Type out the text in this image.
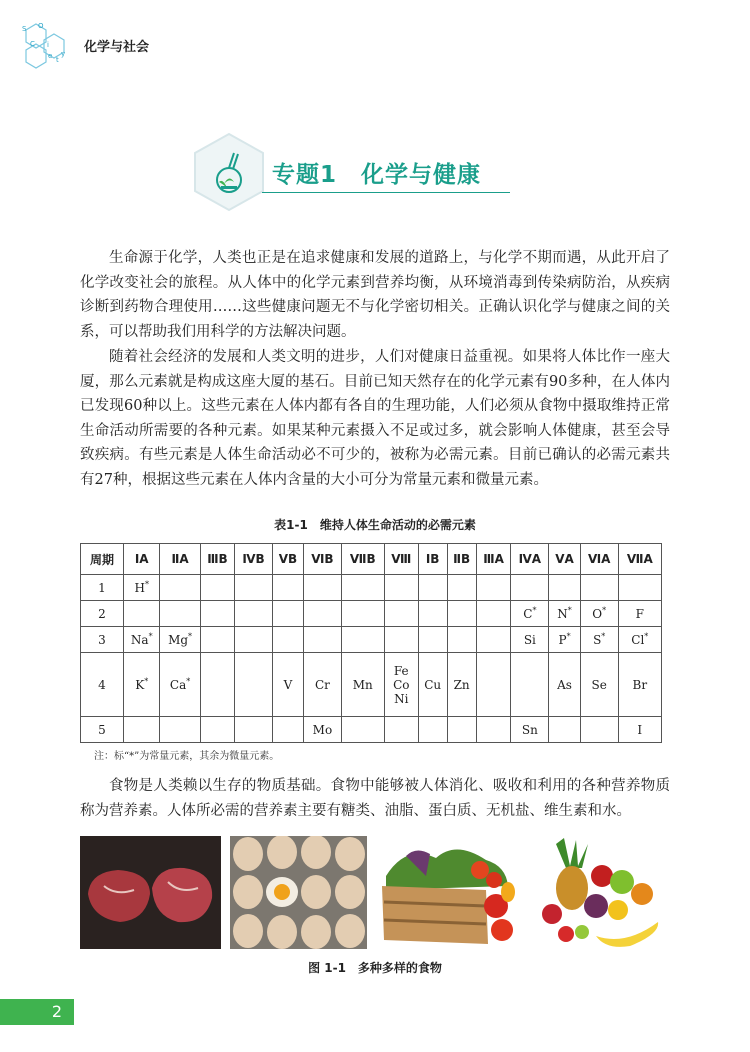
S O
C i
e t
y 化学与社会
专题1　化学与健康

生命源于化学，人类也正是在追求健康和发展的道路上，与化学不期而遇，从此开启了化学改变社会的旅程。从人体中的化学元素到营养均衡，从环境消毒到传染病防治，从疾病诊断到药物合理使用……这些健康问题无不与化学密切相关。正确认识化学与健康之间的关系，可以帮助我们用科学的方法解决问题。

随着社会经济的发展和人类文明的进步，人们对健康日益重视。如果将人体比作一座大厦，那么元素就是构成这座大厦的基石。目前已知天然存在的化学元素有90多种，在人体内已发现60种以上。这些元素在人体内都有各自的生理功能，人们必须从食物中摄取维持正常生命活动所需要的各种元素。如果某种元素摄入不足或过多，就会影响人体健康，甚至会导致疾病。有些元素是人体生命活动必不可少的，被称为必需元素。目前已确认的必需元素共有27种，根据这些元素在人体内含量的大小可分为常量元素和微量元素。

表1-1　维持人体生命活动的必需元素
周期	ⅠA	ⅡA	ⅢB	ⅣB	ⅤB	ⅥB	ⅦB	Ⅷ	ⅠB	ⅡB	ⅢA	ⅣA	ⅤA	ⅥA	ⅦA
1	H*														
2												C*	N*	O*	F
3	Na*	Mg*										Si	P*	S*	Cl*
4	K*	Ca*			V	Cr	Mn	Fe
Co
Ni	Cu	Zn			As	Se	Br
5						Mo						Sn			I
注：标“*”为常量元素，其余为微量元素。

食物是人类赖以生存的物质基础。食物中能够被人体消化、吸收和利用的各种营养物质称为营养素。人体所必需的营养素主要有糖类、油脂、蛋白质、无机盐、维生素和水。

图 1-1　多种多样的食物
2
